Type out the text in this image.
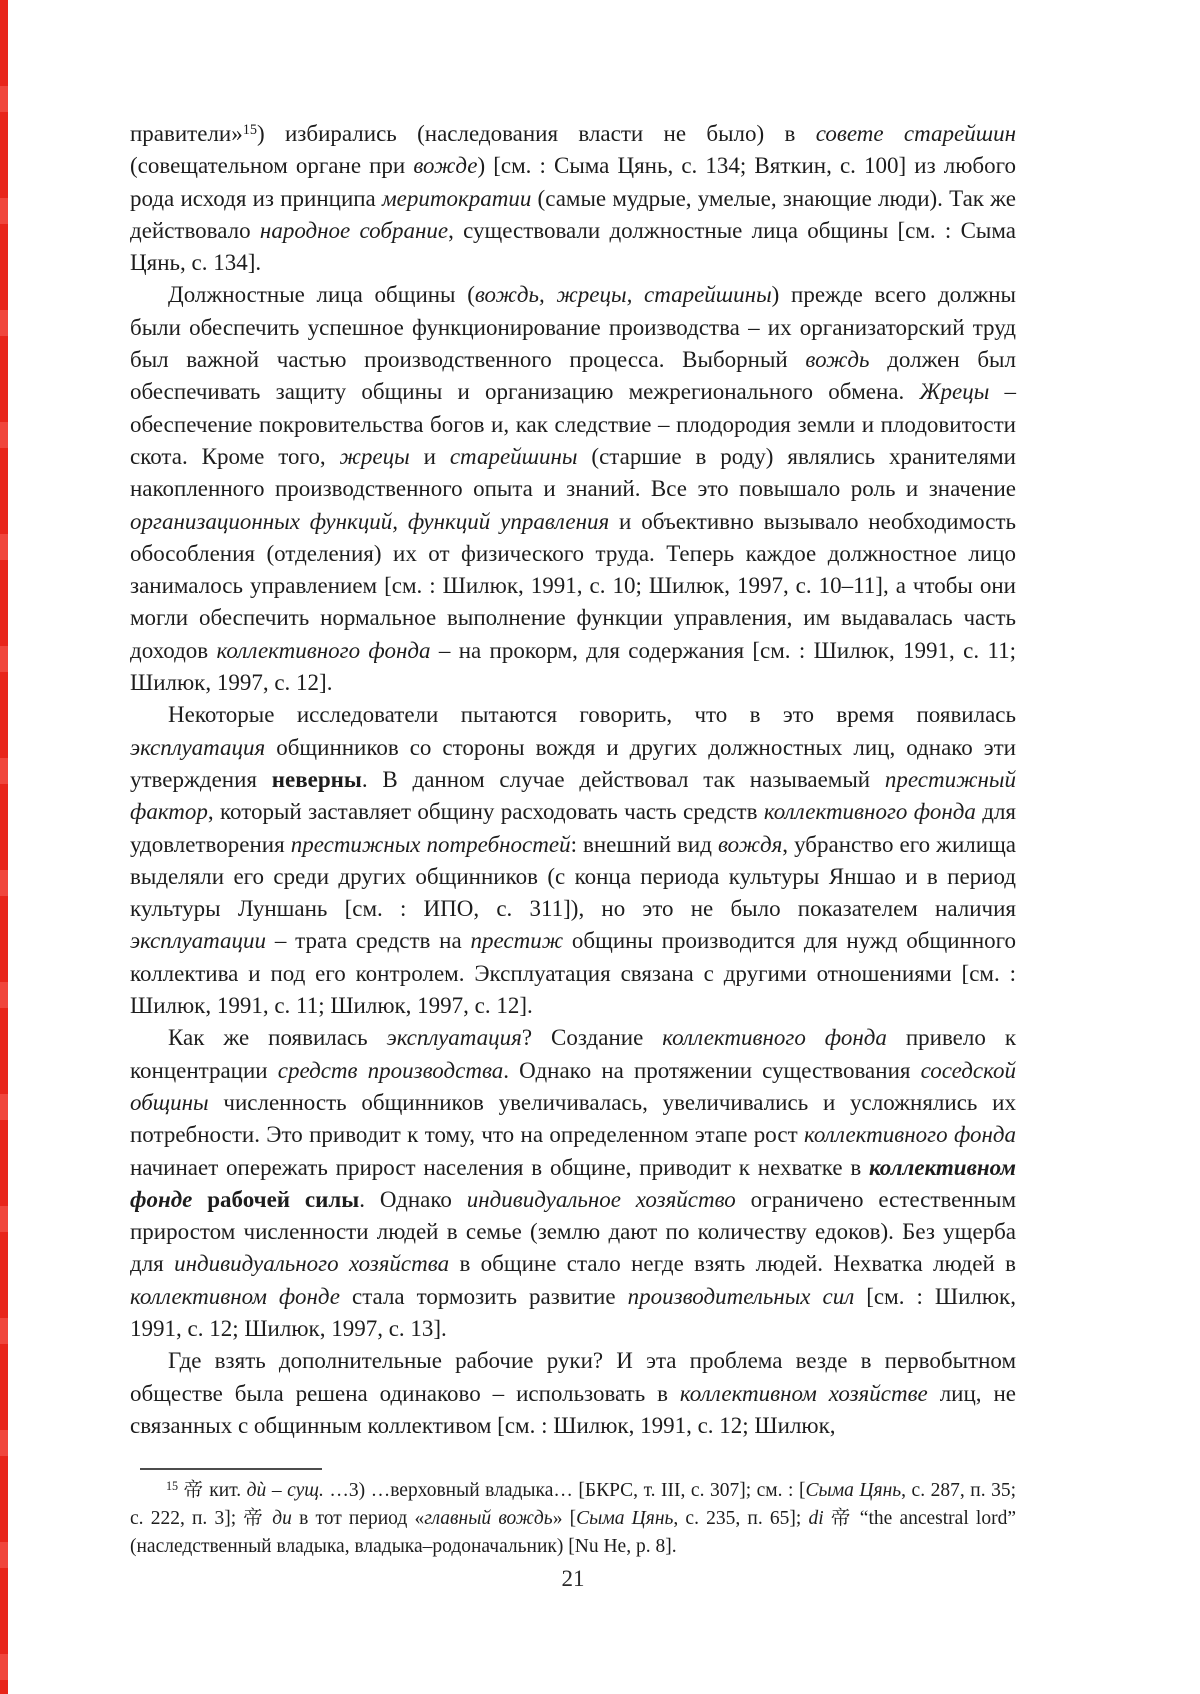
правители»$^{15}$) избирались (наследования власти не было) в совете старейшин (совещательном органе при вожде) [см. : Сыма Цянь, с. 134; Вяткин, с. 100] из любого рода исходя из принципа меритократии (самые мудрые, умелые, знающие люди). Так же действовало народное собрание, существовали должностные лица общины [см. : Сыма Цянь, с. 134].

Должностные лица общины (вождь, жрецы, старейшины) прежде всего должны были обеспечить успешное функционирование производства – их организаторский труд был важной частью производственного процесса. Выборный вождь должен был обеспечивать защиту общины и организацию межрегионального обмена. Жрецы – обеспечение покровительства богов и, как следствие – плодородия земли и плодовитости скота. Кроме того, жрецы и старейшины (старшие в роду) являлись хранителями накопленного производственного опыта и знаний. Все это повышало роль и значение организационных функций, функций управления и объективно вызывало необходимость обособления (отделения) их от физического труда. Теперь каждое должностное лицо занималось управлением [см. : Шилюк, 1991, с. 10; Шилюк, 1997, с. 10–11], а чтобы они могли обеспечить нормальное выполнение функции управления, им выдавалась часть доходов коллективного фонда – на прокорм, для содержания [см. : Шилюк, 1991, с. 11; Шилюк, 1997, с. 12].

Некоторые исследователи пытаются говорить, что в это время появилась эксплуатация общинников со стороны вождя и других должностных лиц, однако эти утверждения неверны. В данном случае действовал так называемый престижный фактор, который заставляет общину расходовать часть средств коллективного фонда для удовлетворения престижных потребностей: внешний вид вождя, убранство его жилища выделяли его среди других общинников (с конца периода культуры Яншао и в период культуры Луншань [см. : ИПО, с. 311]), но это не было показателем наличия эксплуатации – трата средств на престиж общины производится для нужд общинного коллектива и под его контролем. Эксплуатация связана с другими отношениями [см. : Шилюк, 1991, с. 11; Шилюк, 1997, с. 12].

Как же появилась эксплуатация? Создание коллективного фонда привело к концентрации средств производства. Однако на протяжении существования соседской общины численность общинников увеличивалась, увеличивались и усложнялись их потребности. Это приводит к тому, что на определенном этапе рост коллективного фонда начинает опережать прирост населения в общине, приводит к нехватке в коллективном фонде рабочей силы. Однако индивидуальное хозяйство ограничено естественным приростом численности людей в семье (землю дают по количеству едоков). Без ущерба для индивидуального хозяйства в общине стало негде взять людей. Нехватка людей в коллективном фонде стала тормозить развитие производительных сил [см. : Шилюк, 1991, с. 12; Шилюк, 1997, с. 13].

Где взять дополнительные рабочие руки? И эта проблема везде в первобытном обществе была решена одинаково – использовать в коллективном хозяйстве лиц, не связанных с общинным коллективом [см. : Шилюк, 1991, с. 12; Шилюк,

$^{15}$ 帝 кит. дѝ – сущ. …3) …верховный владыка… [БКРС, т. III, с. 307]; см. : [Сыма Цянь, с. 287, п. 35; с. 222, п. 3]; 帝 ди в тот период «главный вождь» [Сыма Цянь, с. 235, п. 65]; di 帝 “the ancestral lord” (наследственный владыка, владыка–родоначальник) [Nu He, p. 8].

21
